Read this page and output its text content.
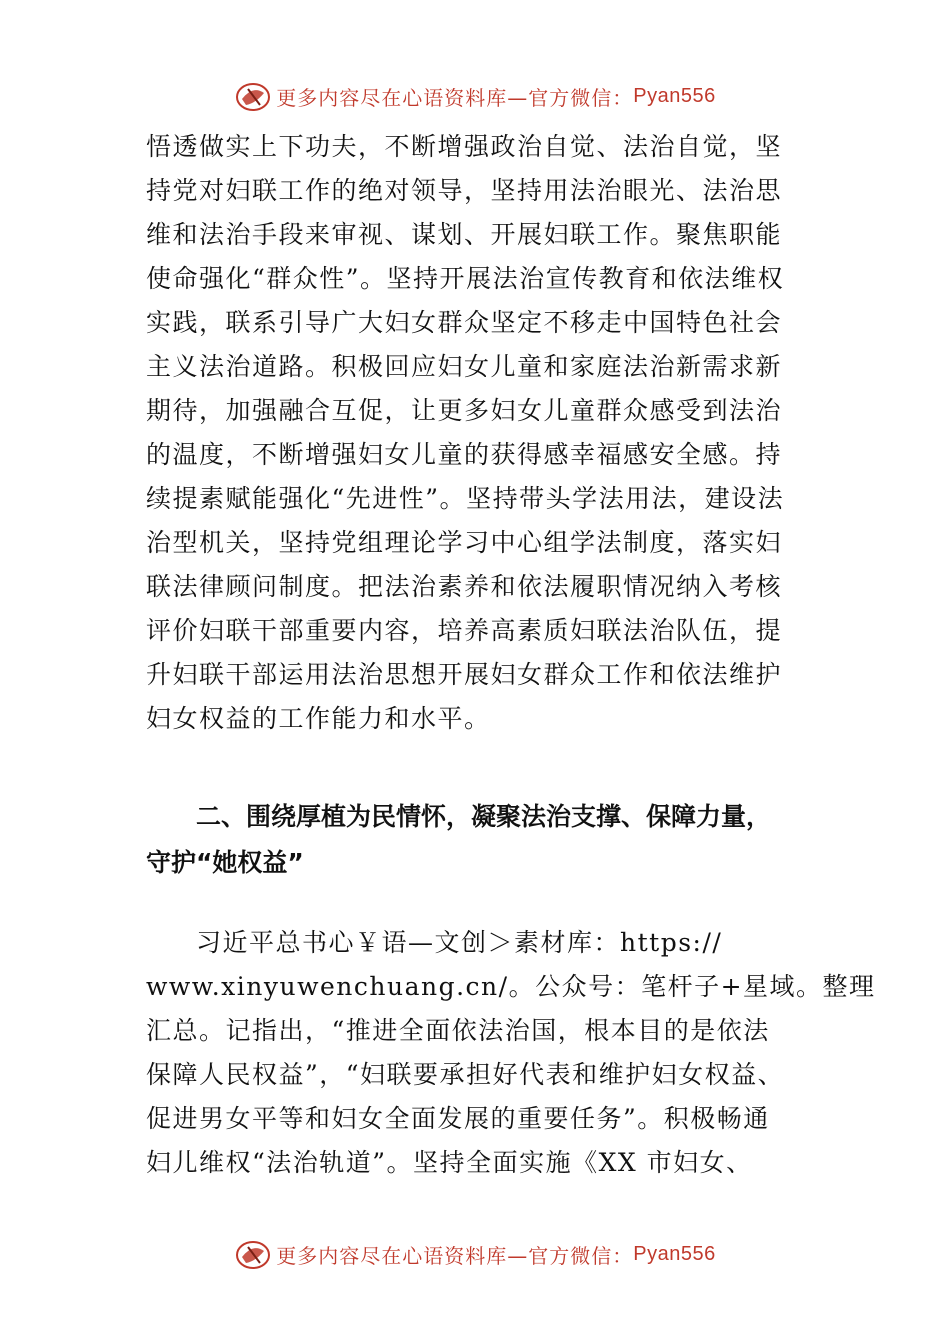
更多内容尽在心语资料库—官方微信： Pyan556
悟透做实上下功夫，不断增强政治自觉、法治自觉，坚
持党对妇联工作的绝对领导，坚持用法治眼光、法治思
维和法治手段来审视、谋划、开展妇联工作。聚焦职能
使命强化“群众性”。坚持开展法治宣传教育和依法维权
实践，联系引导广大妇女群众坚定不移走中国特色社会
主义法治道路。积极回应妇女儿童和家庭法治新需求新
期待，加强融合互促，让更多妇女儿童群众感受到法治
的温度，不断增强妇女儿童的获得感幸福感安全感。持
续提素赋能强化“先进性”。坚持带头学法用法，建设法
治型机关，坚持党组理论学习中心组学法制度，落实妇
联法律顾问制度。把法治素养和依法履职情况纳入考核
评价妇联干部重要内容，培养高素质妇联法治队伍，提
升妇联干部运用法治思想开展妇女群众工作和依法维护
妇女权益的工作能力和水平。
二、围绕厚植为民情怀，凝聚法治支撑、保障力量，
守护“她权益”
习近平总书心￥语—文创＞素材库：https://
www.xinyuwenchuang.cn/。公众号：笔杆子+星域。整理
汇总。记指出，“推进全面依法治国，根本目的是依法
保障人民权益”，“妇联要承担好代表和维护妇女权益、
促进男女平等和妇女全面发展的重要任务”。积极畅通
妇儿维权“法治轨道”。坚持全面实施《XX 市妇女、
更多内容尽在心语资料库—官方微信： Pyan556
